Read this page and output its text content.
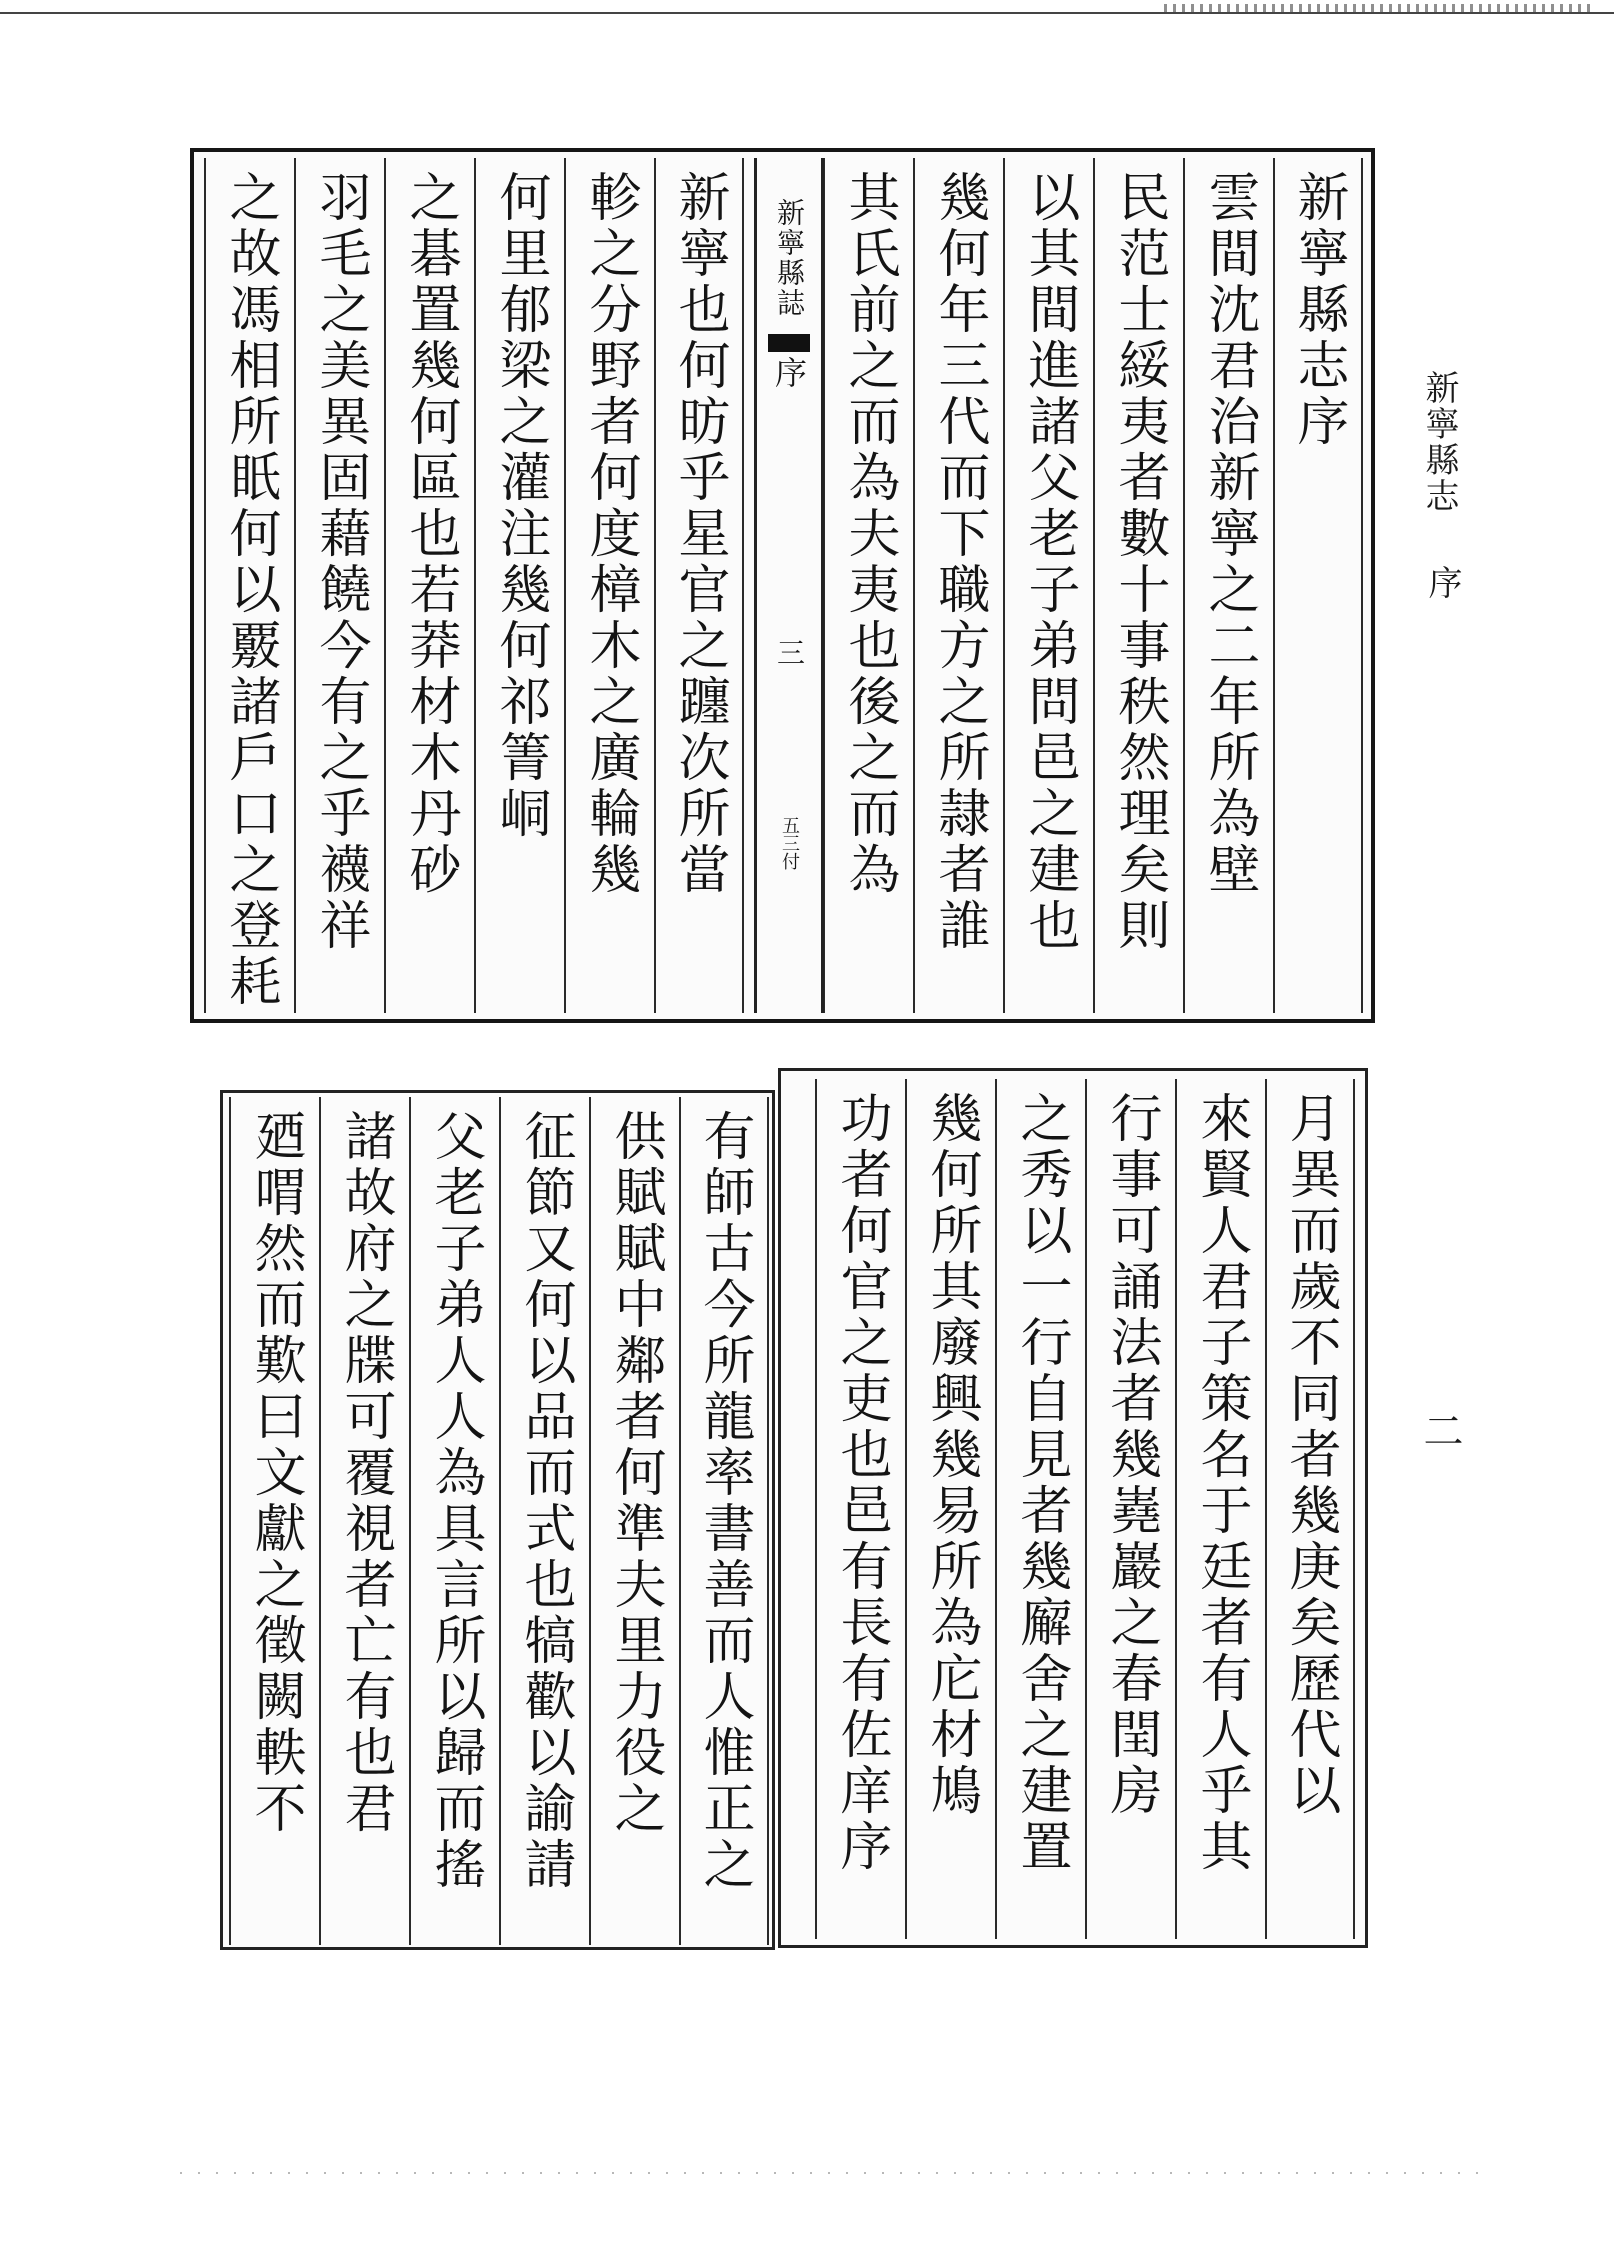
新寧縣志
序
二
新寧縣志序
雲間沈君治新寧之二年所為壁
民范士綏夷者數十事秩然理矣則
以其間進諸父老子弟問邑之建也
幾何年三代而下職方之所隷者誰
其氏前之而為夫夷也後之而為
新寧縣誌
序
三
五三付
新寧也何昉乎星官之躔次所當
軫之分野者何度樟木之廣輪幾
何里郁梁之灌注幾何祁箐峒
之碁置幾何區也若莽材木丹砂
羽毛之美異固藉饒今有之乎襪祥
之故馮相所眂何以覈諸戶口之登耗
有師古今所龍率書善而人惟正之
供賦賦中鄰者何準夫里力役之
征節又何以品而式也犒歡以諭請
父老子弟人人為具言所以歸而搖
諸故府之牒可覆視者亡有也君
廼喟然而歎曰文獻之徵闕軼不	月異而歲不同者幾庚矣歷代以
來賢人君子策名于廷者有人乎其
行事可誦法者幾嶤巖之春閏房
之秀以一行自見者幾廨舍之建置
幾何所其廢興幾易所為庀材鳩
功者何官之吏也邑有長有佐庠序
